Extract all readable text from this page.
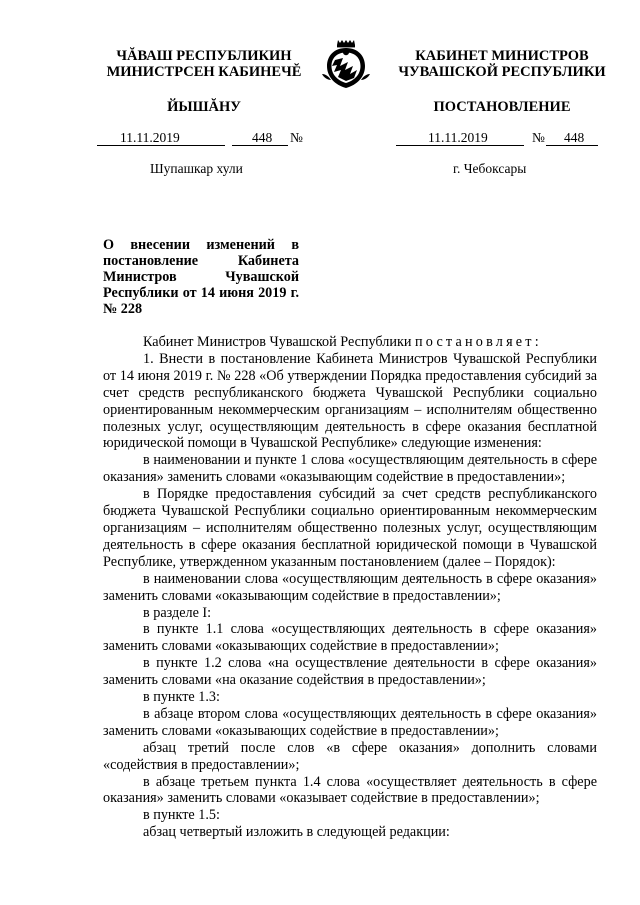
ЧĂВАШ РЕСПУБЛИКИН
МИНИСТРСЕН КАБИНЕЧĔ
ЙЫШĂНУ
КАБИНЕТ МИНИСТРОВ
ЧУВАШСКОЙ РЕСПУБЛИКИ
ПОСТАНОВЛЕНИЕ
11.11.2019	448 №	11.11.2019	№ 448
Шупашкар хули	г. Чебоксары
О внесении изменений в постановление Кабинета Министров Чувашской Республики от 14 июня 2019 г. № 228

Кабинет Министров Чувашской Республики постановляет:

1. Внести в постановление Кабинета Министров Чувашской Республики от 14 июня 2019 г. № 228 «Об утверждении Порядка предоставления субсидий за счет средств республиканского бюджета Чувашской Республики социально ориентированным некоммерческим организациям – исполнителям общественно полезных услуг, осуществляющим деятельность в сфере оказания бесплатной юридической помощи в Чувашской Республике» следующие изменения:

в наименовании и пункте 1 слова «осуществляющим деятельность в сфере оказания» заменить словами «оказывающим содействие в предоставлении»;

в Порядке предоставления субсидий за счет средств республиканского бюджета Чувашской Республики социально ориентированным некоммерческим организациям – исполнителям общественно полезных услуг, осуществляющим деятельность в сфере оказания бесплатной юридической помощи в Чувашской Республике, утвержденном указанным постановлением (далее – Порядок):

в наименовании слова «осуществляющим деятельность в сфере оказания» заменить словами «оказывающим содействие в предоставлении»;

в разделе I:

в пункте 1.1 слова «осуществляющих деятельность в сфере оказания» заменить словами «оказывающих содействие в предоставлении»;

в пункте 1.2 слова «на осуществление деятельности в сфере оказания» заменить словами «на оказание содействия в предоставлении»;

в пункте 1.3:

в абзаце втором слова «осуществляющих деятельность в сфере оказания» заменить словами «оказывающих содействие в предоставлении»;

абзац третий после слов «в сфере оказания» дополнить словами «содействия в предоставлении»;

в абзаце третьем пункта 1.4 слова «осуществляет деятельность в сфере оказания» заменить словами «оказывает содействие в предоставлении»;

в пункте 1.5:

абзац четвертый изложить в следующей редакции:
